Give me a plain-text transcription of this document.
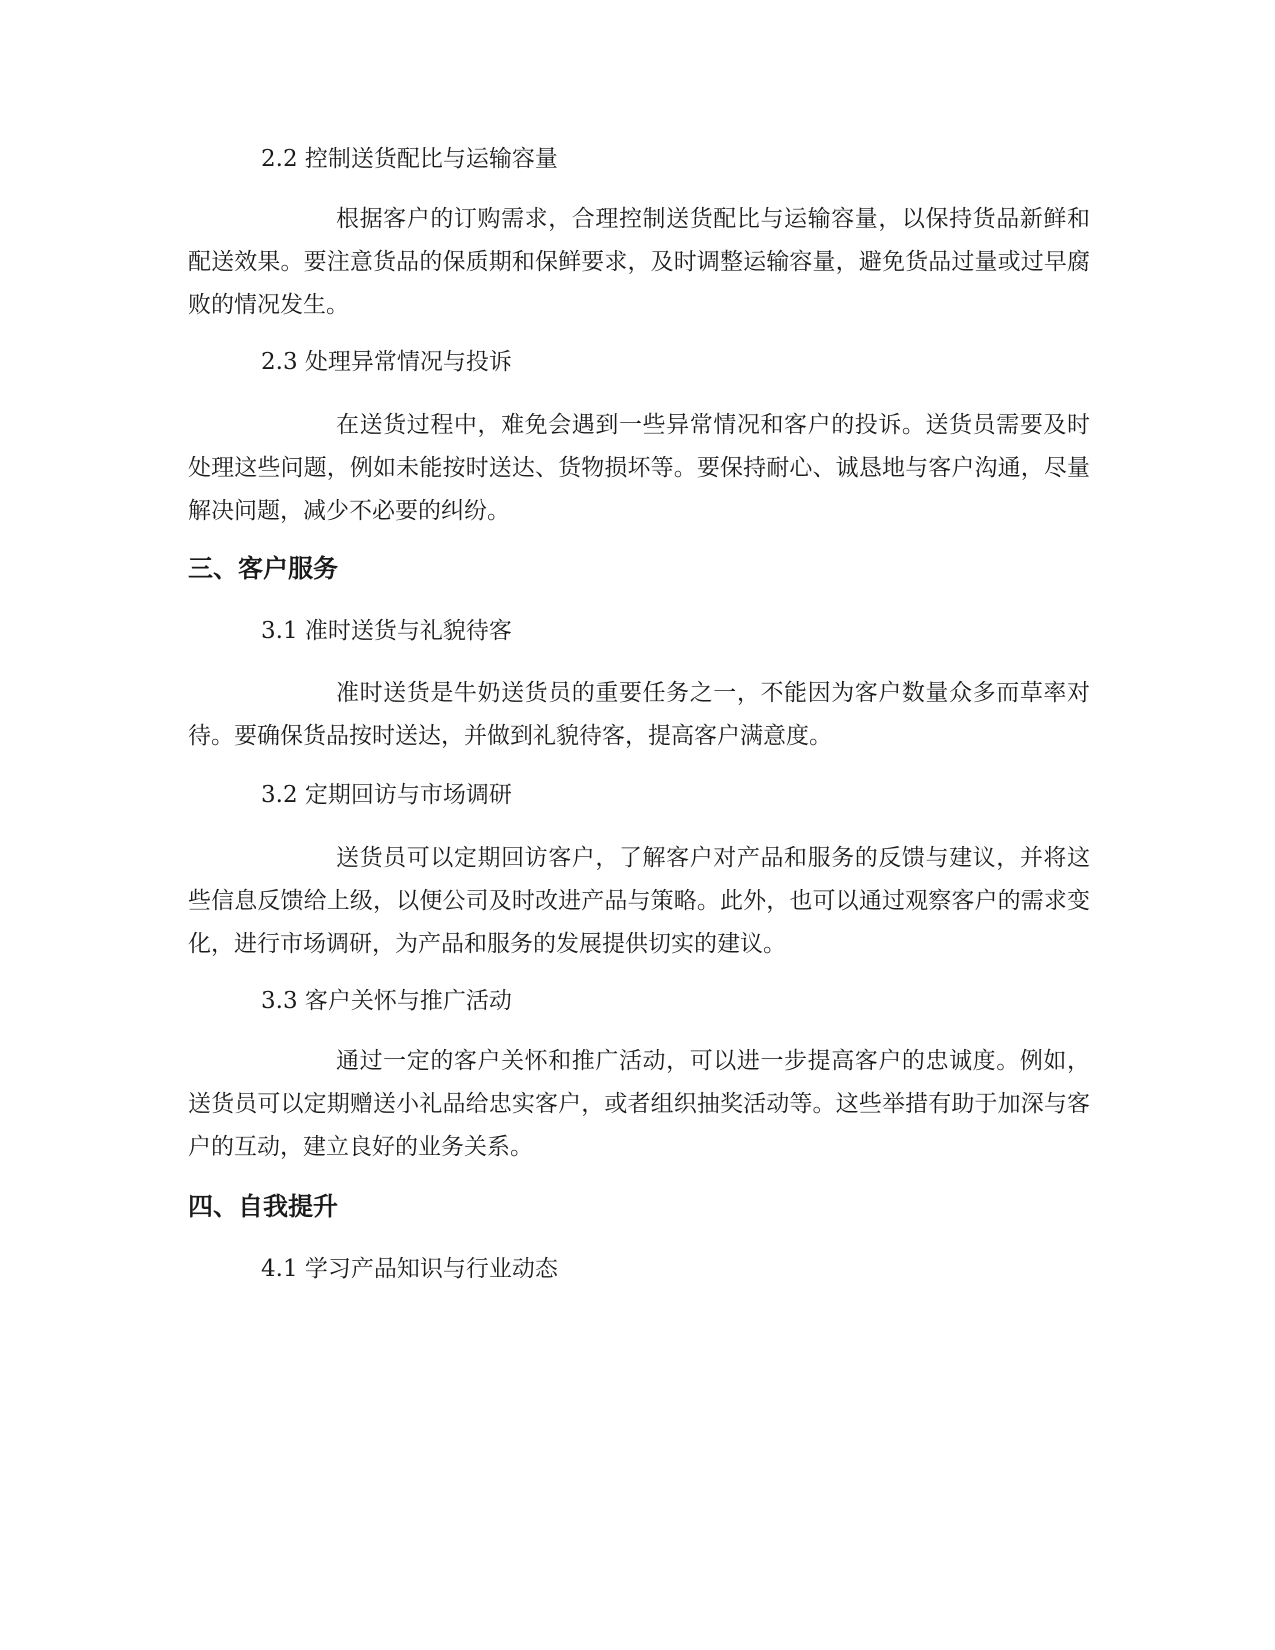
2.2 控制送货配比与运输容量

根据客户的订购需求，合理控制送货配比与运输容量，以保持货品新鲜和配送效果。要注意货品的保质期和保鲜要求，及时调整运输容量，避免货品过量或过早腐败的情况发生。

2.3 处理异常情况与投诉

在送货过程中，难免会遇到一些异常情况和客户的投诉。送货员需要及时处理这些问题，例如未能按时送达、货物损坏等。要保持耐心、诚恳地与客户沟通，尽量解决问题，减少不必要的纠纷。

三、客户服务

3.1 准时送货与礼貌待客

准时送货是牛奶送货员的重要任务之一，不能因为客户数量众多而草率对待。要确保货品按时送达，并做到礼貌待客，提高客户满意度。

3.2 定期回访与市场调研

送货员可以定期回访客户，了解客户对产品和服务的反馈与建议，并将这些信息反馈给上级，以便公司及时改进产品与策略。此外，也可以通过观察客户的需求变化，进行市场调研，为产品和服务的发展提供切实的建议。

3.3 客户关怀与推广活动

通过一定的客户关怀和推广活动，可以进一步提高客户的忠诚度。例如，送货员可以定期赠送小礼品给忠实客户，或者组织抽奖活动等。这些举措有助于加深与客户的互动，建立良好的业务关系。

四、自我提升

4.1 学习产品知识与行业动态
